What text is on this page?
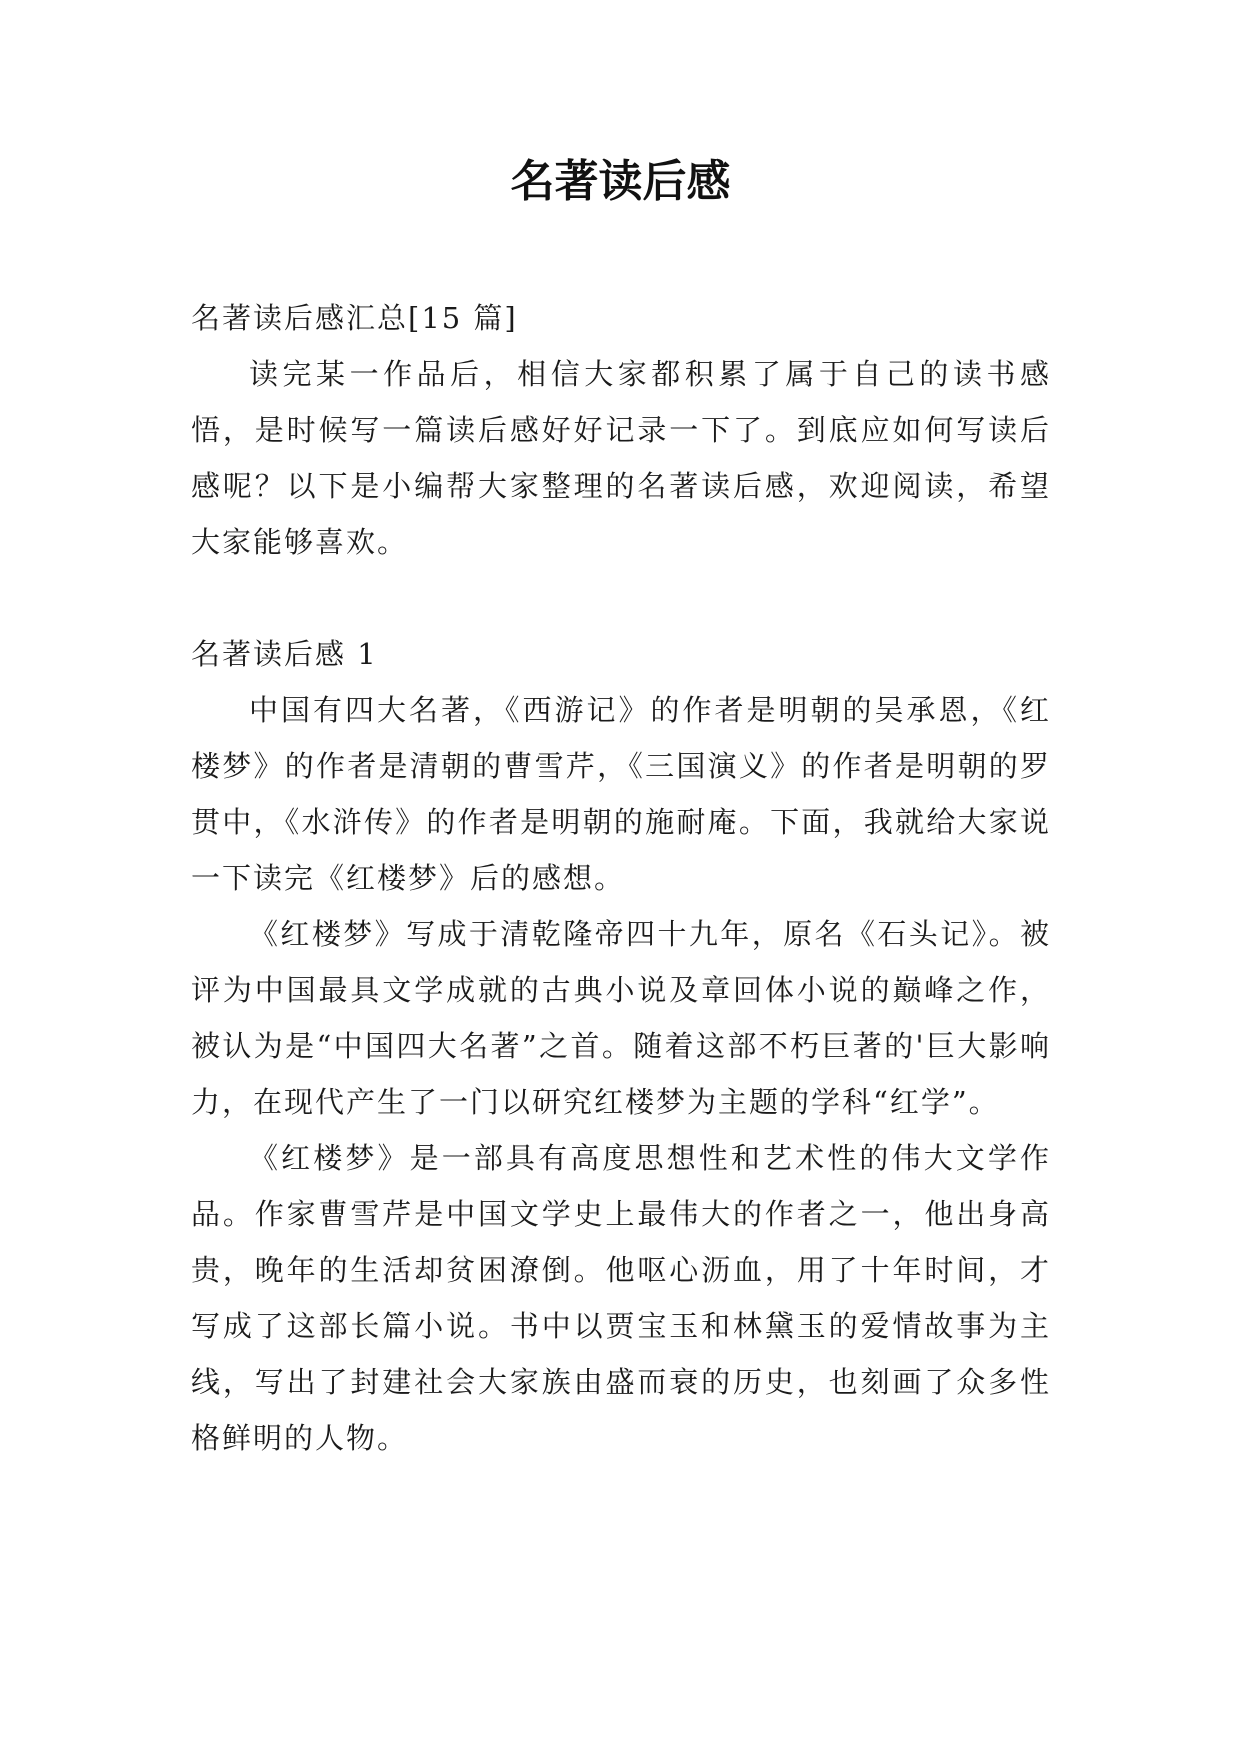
名著读后感

名著读后感汇总[15 篇]

读完某一作品后，相信大家都积累了属于自己的读书感悟，是时候写一篇读后感好好记录一下了。到底应如何写读后感呢？以下是小编帮大家整理的名著读后感，欢迎阅读，希望大家能够喜欢。

名著读后感 1

中国有四大名著，《西游记》的作者是明朝的吴承恩，《红楼梦》的作者是清朝的曹雪芹，《三国演义》的作者是明朝的罗贯中，《水浒传》的作者是明朝的施耐庵。下面，我就给大家说一下读完《红楼梦》后的感想。

《红楼梦》写成于清乾隆帝四十九年，原名《石头记》。被评为中国最具文学成就的古典小说及章回体小说的巅峰之作，被认为是“中国四大名著”之首。随着这部不朽巨著的'巨大影响力，在现代产生了一门以研究红楼梦为主题的学科“红学”。

《红楼梦》是一部具有高度思想性和艺术性的伟大文学作品。作家曹雪芹是中国文学史上最伟大的作者之一，他出身高贵，晚年的生活却贫困潦倒。他呕心沥血，用了十年时间，才写成了这部长篇小说。书中以贾宝玉和林黛玉的爱情故事为主线，写出了封建社会大家族由盛而衰的历史，也刻画了众多性格鲜明的人物。
